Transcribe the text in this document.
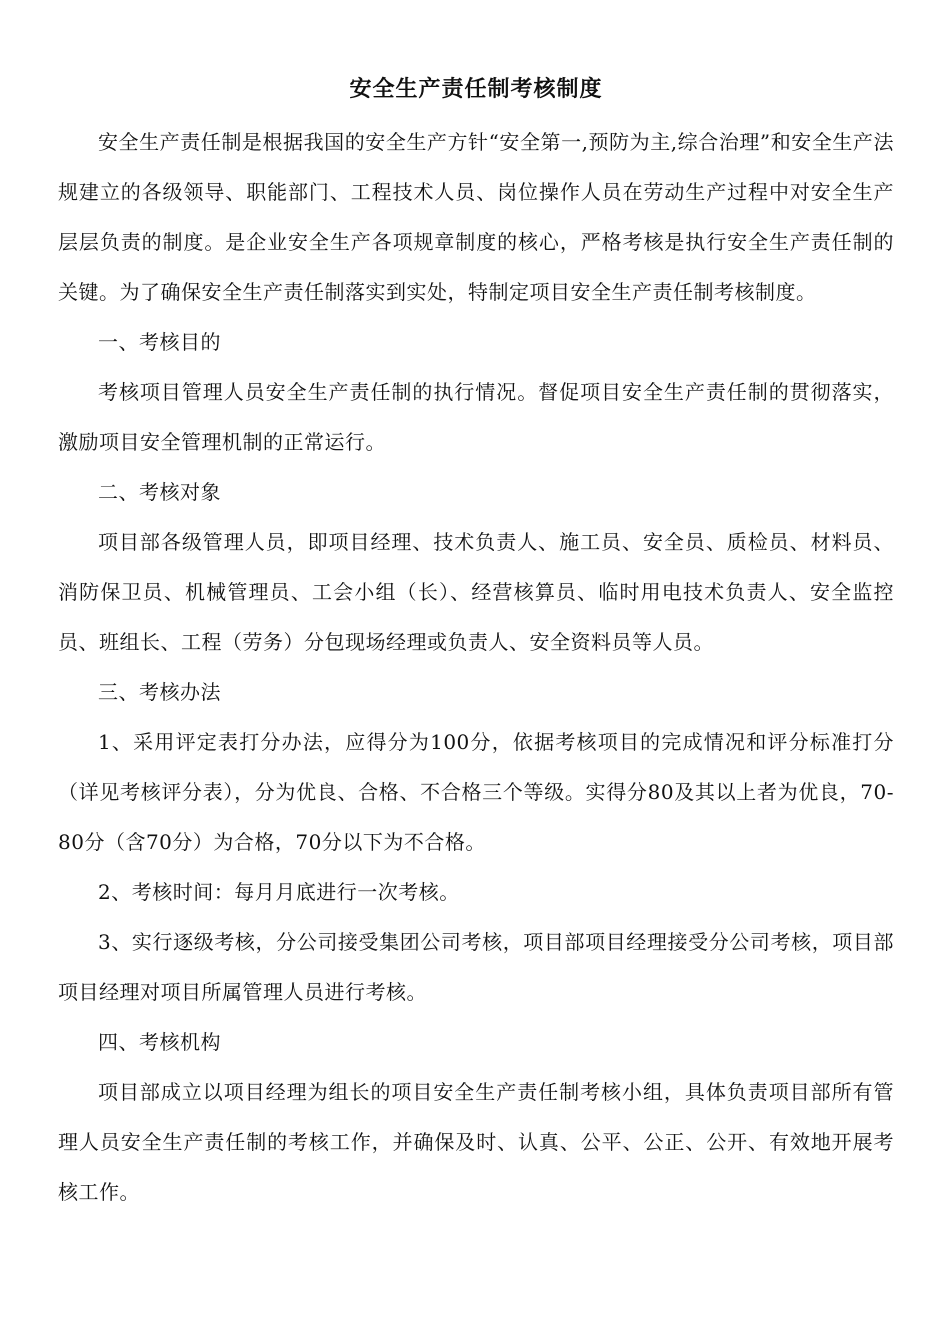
安全生产责任制考核制度

安全生产责任制是根据我国的安全生产方针“安全第一,预防为主,综合治理”和安全生产法规建立的各级领导、职能部门、工程技术人员、岗位操作人员在劳动生产过程中对安全生产层层负责的制度。是企业安全生产各项规章制度的核心，严格考核是执行安全生产责任制的关键。为了确保安全生产责任制落实到实处，特制定项目安全生产责任制考核制度。

一、考核目的

考核项目管理人员安全生产责任制的执行情况。督促项目安全生产责任制的贯彻落实，激励项目安全管理机制的正常运行。

二、考核对象

项目部各级管理人员，即项目经理、技术负责人、施工员、安全员、质检员、材料员、消防保卫员、机械管理员、工会小组（长）、经营核算员、临时用电技术负责人、安全监控员、班组长、工程（劳务）分包现场经理或负责人、安全资料员等人员。

三、考核办法

1、采用评定表打分办法，应得分为100分，依据考核项目的完成情况和评分标准打分（详见考核评分表），分为优良、合格、不合格三个等级。实得分80及其以上者为优良，70-80分（含70分）为合格，70分以下为不合格。

2、考核时间：每月月底进行一次考核。

3、实行逐级考核，分公司接受集团公司考核，项目部项目经理接受分公司考核，项目部项目经理对项目所属管理人员进行考核。

四、考核机构

项目部成立以项目经理为组长的项目安全生产责任制考核小组，具体负责项目部所有管理人员安全生产责任制的考核工作，并确保及时、认真、公平、公正、公开、有效地开展考核工作。
